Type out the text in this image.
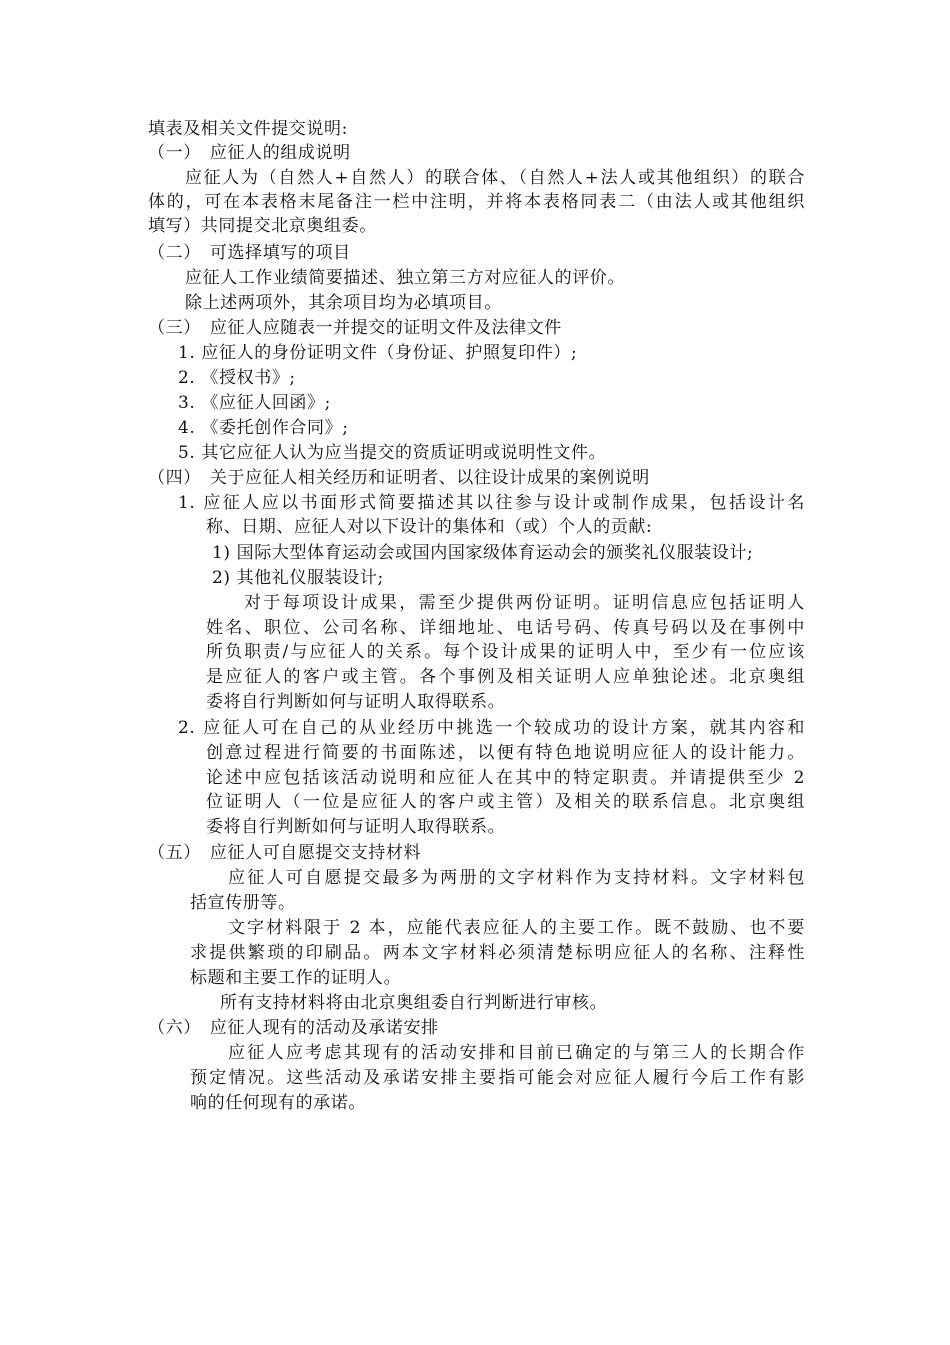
填表及相关文件提交说明:
（一）　应征人的组成说明
应征人为（自然人+自然人）的联合体、（自然人+法人或其他组织）的联合
体的，可在本表格末尾备注一栏中注明，并将本表格同表二（由法人或其他组织
填写）共同提交北京奥组委。
（二）　可选择填写的项目
应征人工作业绩简要描述、独立第三方对应征人的评价。
除上述两项外，其余项目均为必填项目。
（三）　应征人应随表一并提交的证明文件及法律文件
1. 应征人的身份证明文件（身份证、护照复印件）;
2. 《授权书》;
3. 《应征人回函》;
4. 《委托创作合同》;
5. 其它应征人认为应当提交的资质证明或说明性文件。
（四）　关于应征人相关经历和证明者、以往设计成果的案例说明
1. 应征人应以书面形式简要描述其以往参与设计或制作成果，包括设计名
称、日期、应征人对以下设计的集体和（或）个人的贡献:
1) 国际大型体育运动会或国内国家级体育运动会的颁奖礼仪服装设计;
2) 其他礼仪服装设计;
对于每项设计成果，需至少提供两份证明。证明信息应包括证明人
姓名、职位、公司名称、详细地址、电话号码、传真号码以及在事例中
所负职责/与应征人的关系。每个设计成果的证明人中，至少有一位应该
是应征人的客户或主管。各个事例及相关证明人应单独论述。北京奥组
委将自行判断如何与证明人取得联系。
2. 应征人可在自己的从业经历中挑选一个较成功的设计方案，就其内容和
创意过程进行简要的书面陈述，以便有特色地说明应征人的设计能力。
论述中应包括该活动说明和应征人在其中的特定职责。并请提供至少 2
位证明人（一位是应征人的客户或主管）及相关的联系信息。北京奥组
委将自行判断如何与证明人取得联系。
（五）　应征人可自愿提交支持材料
应征人可自愿提交最多为两册的文字材料作为支持材料。文字材料包
括宣传册等。
文字材料限于 2 本，应能代表应征人的主要工作。既不鼓励、也不要
求提供繁琐的印刷品。两本文字材料必须清楚标明应征人的名称、注释性
标题和主要工作的证明人。
所有支持材料将由北京奥组委自行判断进行审核。
（六）　应征人现有的活动及承诺安排
应征人应考虑其现有的活动安排和目前已确定的与第三人的长期合作
预定情况。这些活动及承诺安排主要指可能会对应征人履行今后工作有影
响的任何现有的承诺。
